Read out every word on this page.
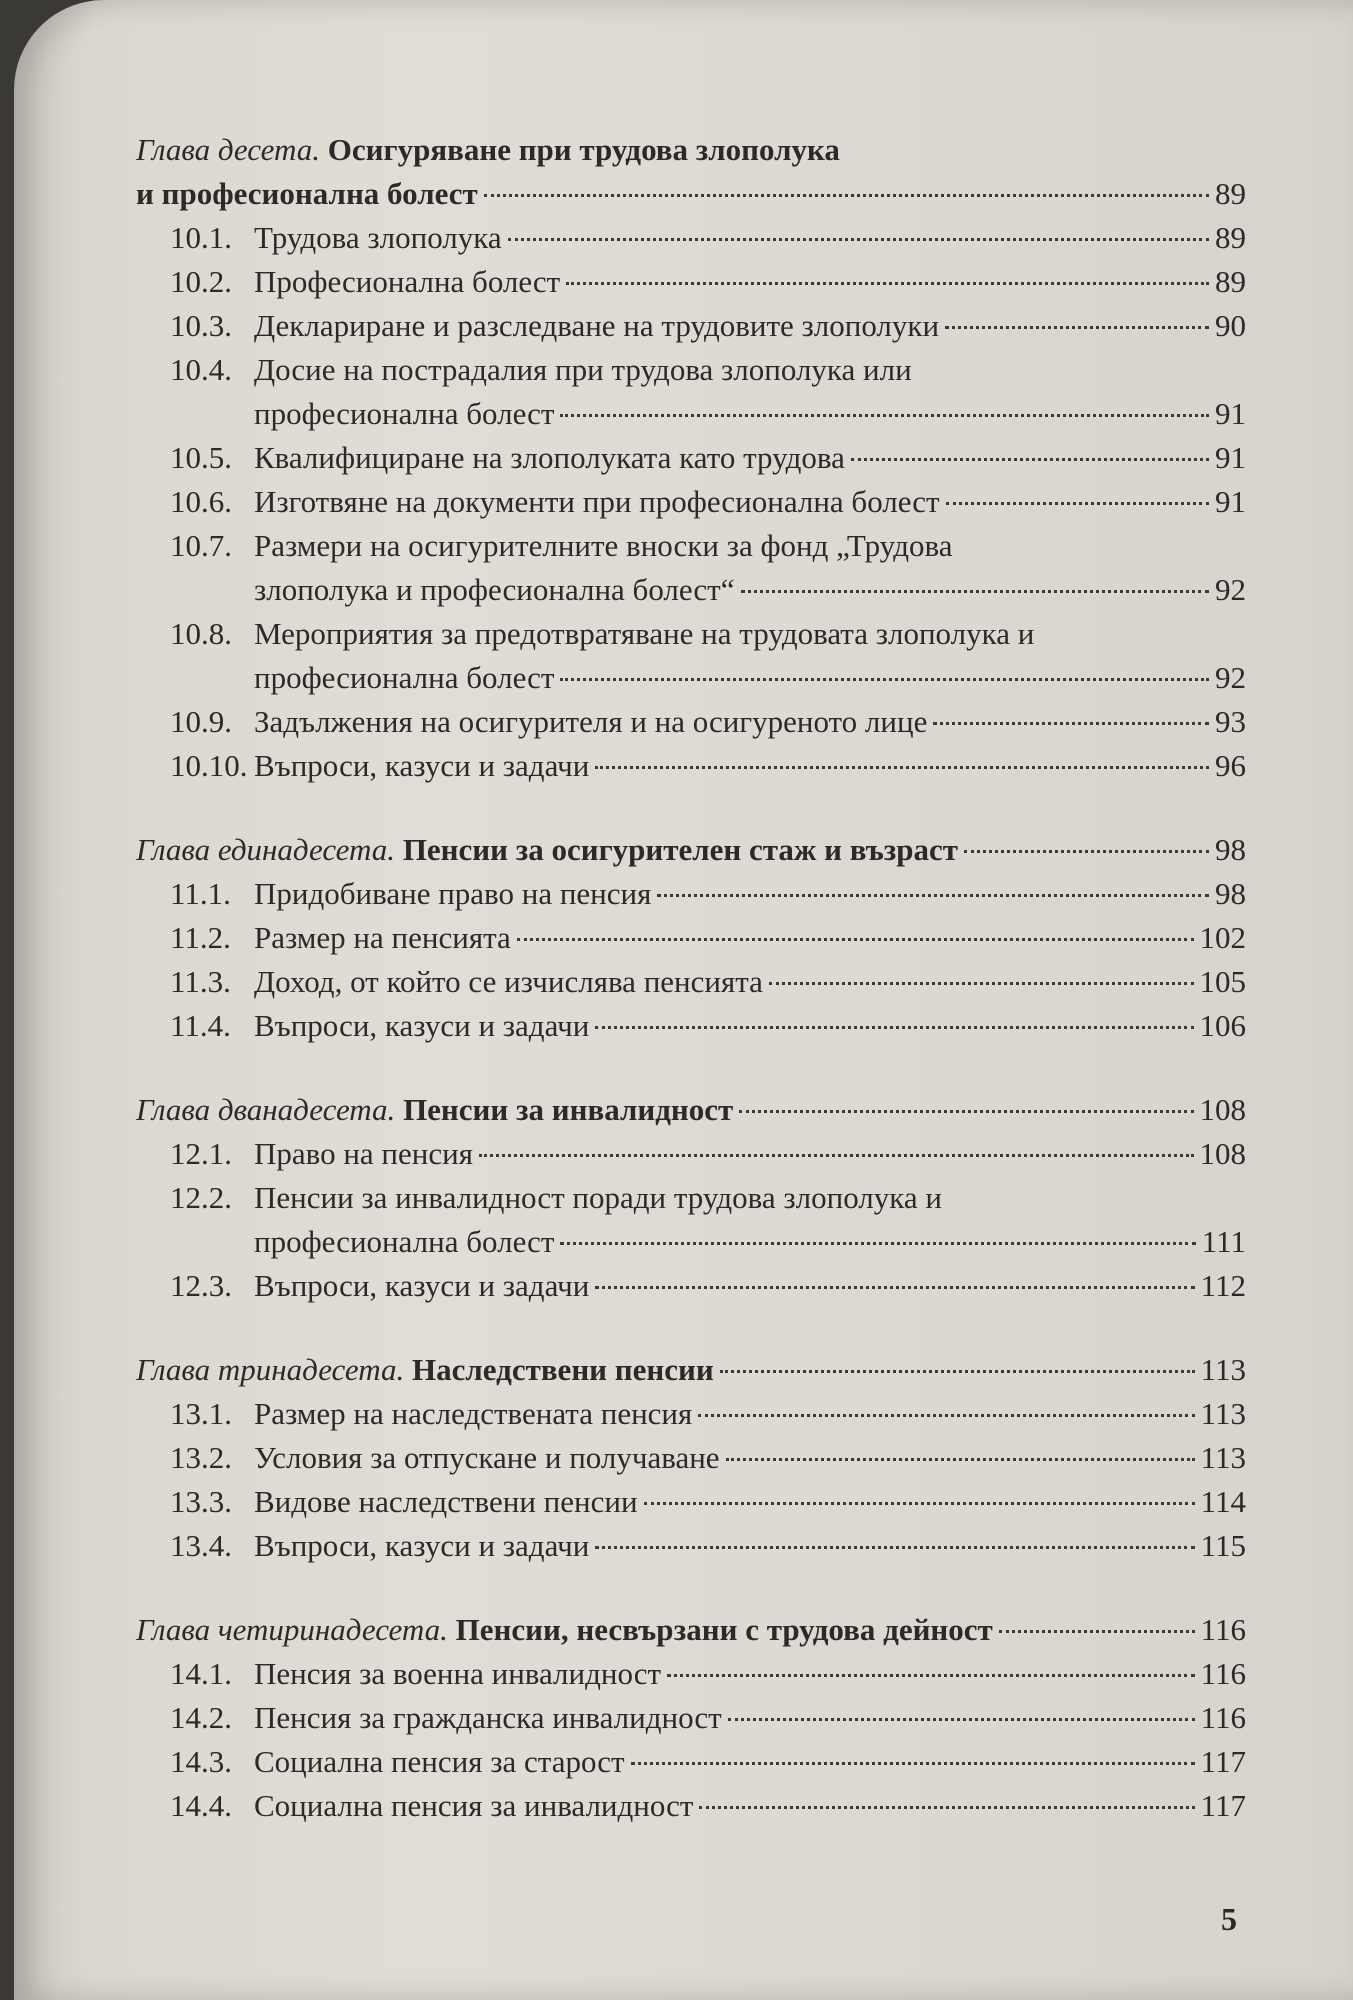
Глава десета.
Осигуряване при трудова злополука
и професионална болест	89
10.1. Трудова злополука	89
10.2. Професионална болест	89
10.3. Деклариране и разследване на трудовите злополуки	90
10.4. Досие на пострадалия при трудова злополука или
професионална болест	91
10.5. Квалифициране на злополуката като трудова	91
10.6. Изготвяне на документи при професионална болест	91
10.7. Размери на осигурителните вноски за фонд „Трудова
злополука и професионална болест“	92
10.8. Мероприятия за предотвратяване на трудовата злополука и
професионална болест	92
10.9. Задължения на осигурителя и на осигуреното лице	93
10.10. Въпроси, казуси и задачи	96
Глава единадесета.
Пенсии за осигурителен стаж и възраст	98
11.1. Придобиване право на пенсия	98
11.2. Размер на пенсията	102
11.3. Доход, от който се изчислява пенсията	105
11.4. Въпроси, казуси и задачи	106
Глава дванадесета.
Пенсии за инвалидност	108
12.1. Право на пенсия	108
12.2. Пенсии за инвалидност поради трудова злополука и
професионална болест	111
12.3. Въпроси, казуси и задачи	112
Глава тринадесета.
Наследствени пенсии	113
13.1. Размер на наследствената пенсия	113
13.2. Условия за отпускане и получаване	113
13.3. Видове наследствени пенсии	114
13.4. Въпроси, казуси и задачи	115
Глава четиринадесета.
Пенсии, несвързани с трудова дейност	116
14.1. Пенсия за военна инвалидност	116
14.2. Пенсия за гражданска инвалидност	116
14.3. Социална пенсия за старост	117
14.4. Социална пенсия за инвалидност	117
5
